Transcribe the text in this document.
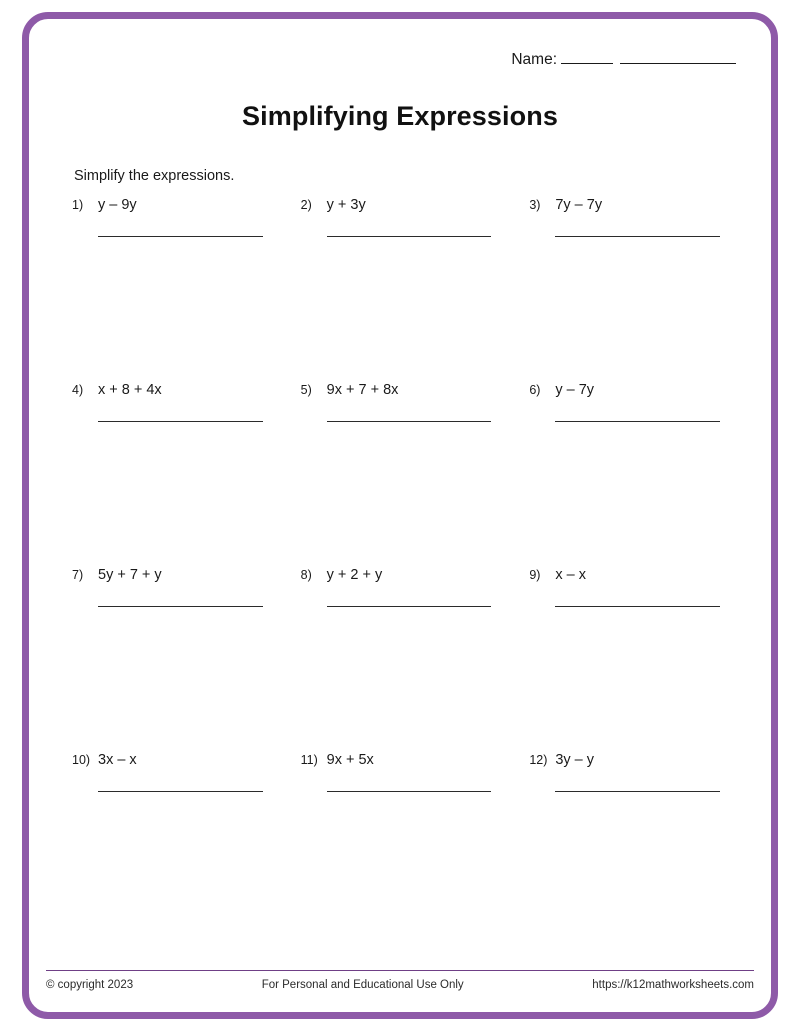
Name:
Simplifying Expressions
Simplify the expressions.
1)	y – 9y	2)	y + 3y	3)	7y – 7y
4)	x + 8 + 4x	5)	9x + 7 + 8x	6)	y – 7y
7)	5y + 7 + y	8)	y + 2 + y	9)	x – x
10) 3x – x	11) 9x + 5x	12) 3y – y
© copyright 2023	For Personal and Educational Use Only	https://k12mathworksheets.com
